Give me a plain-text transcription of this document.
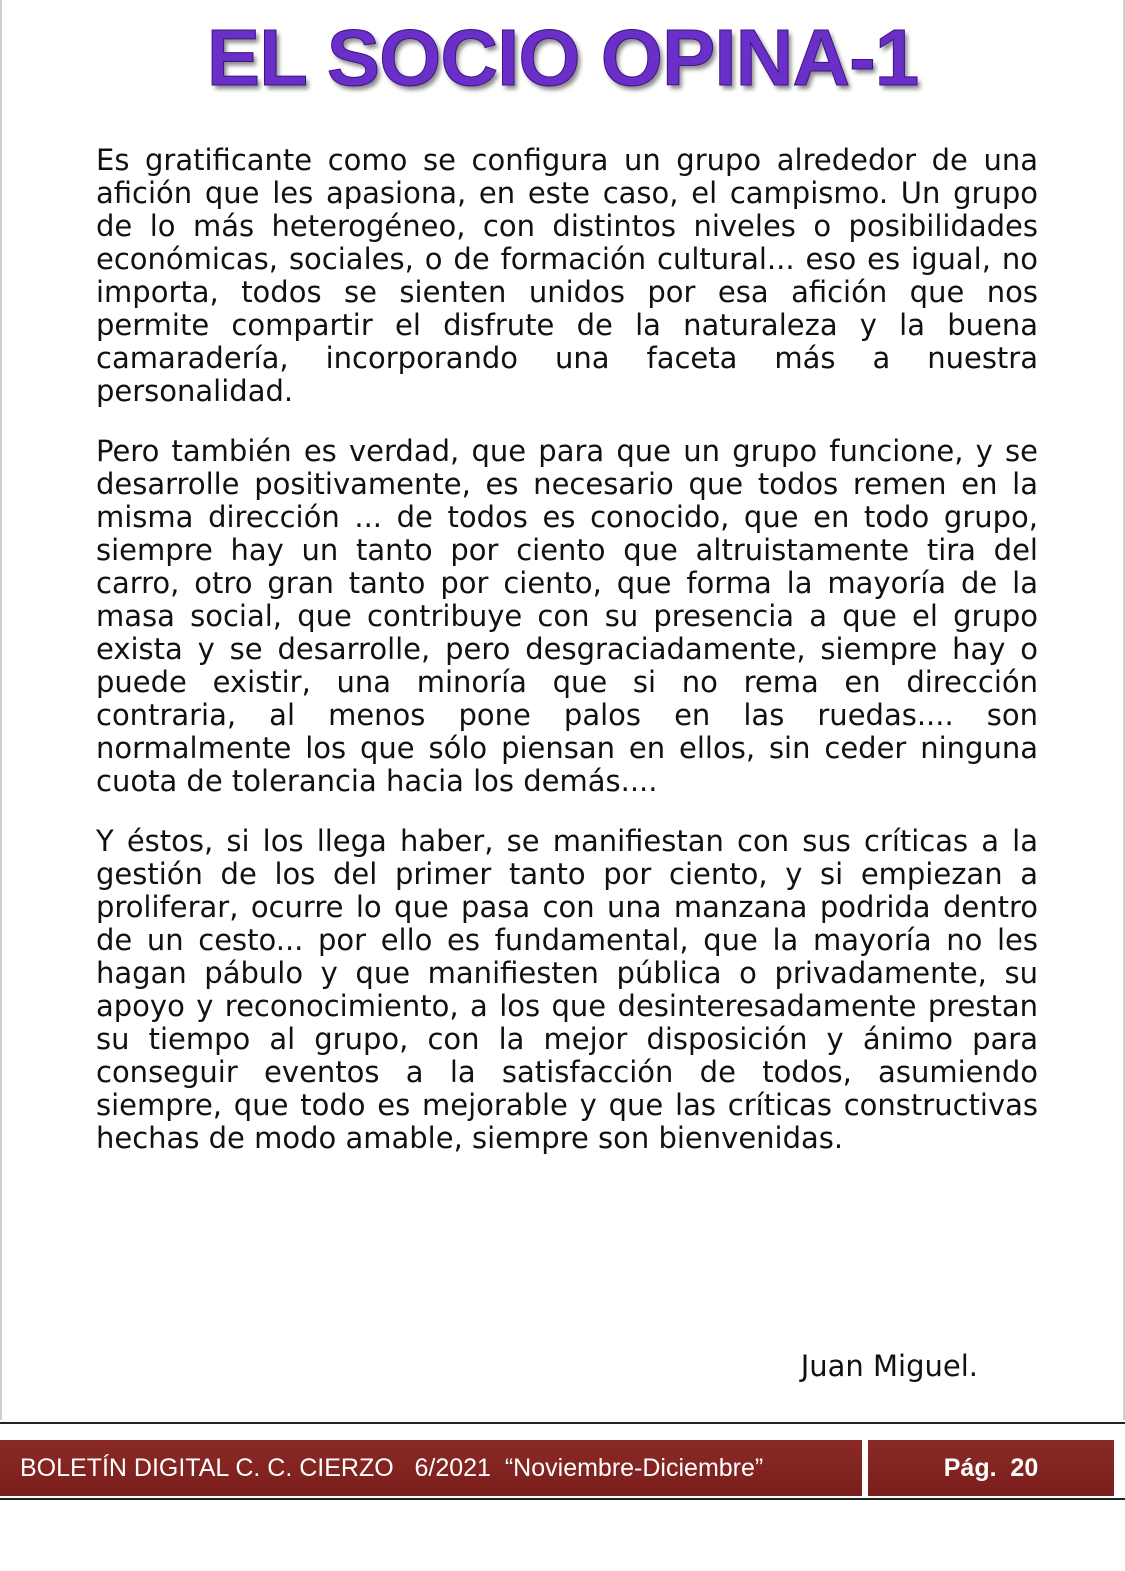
EL SOCIO OPINA-1

Es gratificante como se configura un grupo alrededor de una afición que les apasiona, en este caso, el campismo. Un grupo de lo más heterogéneo, con distintos niveles o posibilidades económicas, sociales, o de formación cultural... eso es igual, no importa, todos se sienten unidos por esa afición que nos permite compartir el disfrute de la naturaleza y la buena camaradería, incorporando una faceta más a nuestra personalidad.

Pero también es verdad, que para que un grupo funcione, y se desarrolle positivamente, es necesario que todos remen en la misma dirección ... de todos es conocido, que en todo grupo, siempre hay un tanto por ciento que altruistamente tira del carro, otro gran tanto por ciento, que forma la mayoría de la masa social, que contribuye con su presencia a que el grupo exista y se desarrolle, pero desgraciadamente, siempre hay o puede existir, una minoría que si no rema en dirección contraria, al menos pone palos en las ruedas.... son normalmente los que sólo piensan en ellos, sin ceder ninguna cuota de tolerancia hacia los demás....

Y éstos, si los llega haber, se manifiestan con sus críticas a la gestión de los del primer tanto por ciento, y si empiezan a proliferar, ocurre lo que pasa con una manzana podrida dentro de un cesto... por ello es fundamental, que la mayoría no les hagan pábulo y que manifiesten pública o privadamente, su apoyo y reconocimiento, a los que desinteresadamente prestan su tiempo al grupo, con la mejor disposición y ánimo para conseguir eventos a la satisfacción de todos, asumiendo siempre, que todo es mejorable y que las críticas constructivas hechas de modo amable, siempre son bienvenidas.

Juan Miguel.
BOLETÍN DIGITAL C. C. CIERZO   6/2021  “Noviembre-Diciembre”	Pág.  20
